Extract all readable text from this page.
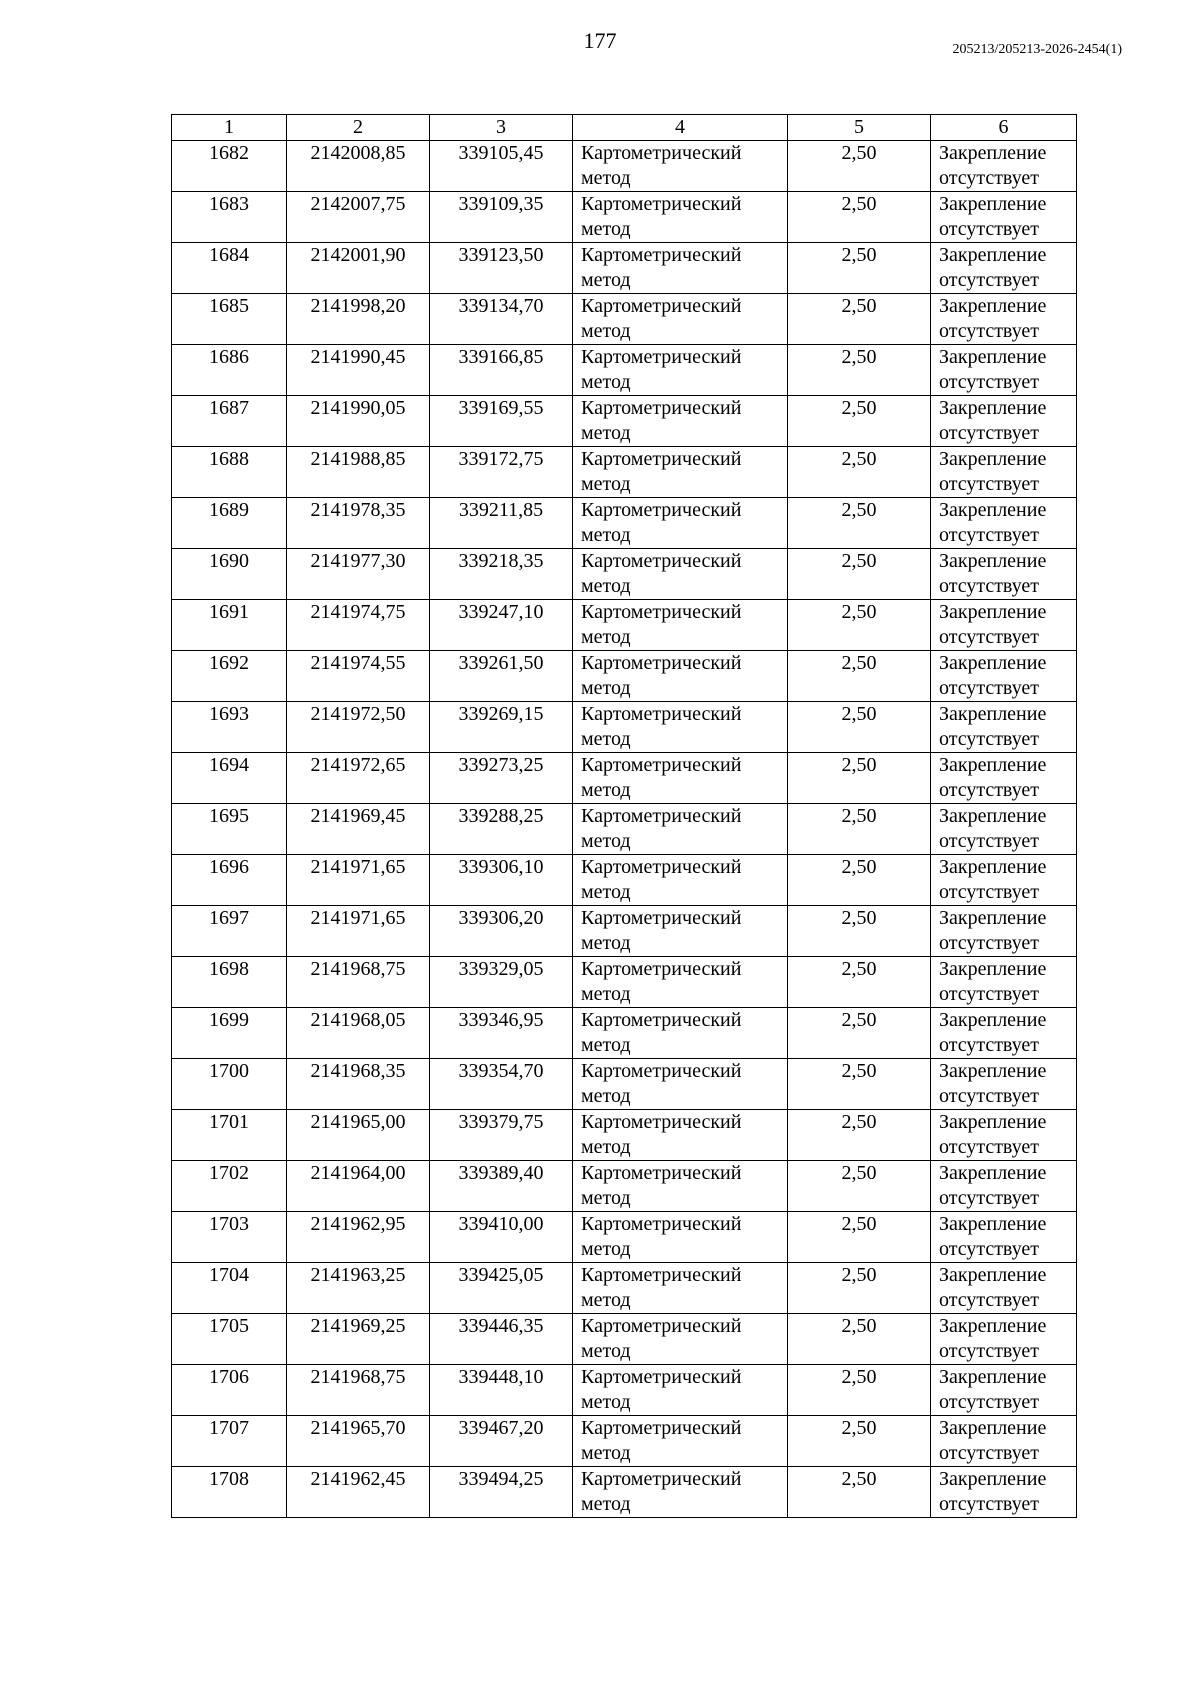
177	205213/205213-2026-2454(1)
1	2	3	4	5	6
1682	2142008,85	339105,45	Картометрический метод	2,50	Закрепление отсутствует
1683	2142007,75	339109,35	Картометрический метод	2,50	Закрепление отсутствует
1684	2142001,90	339123,50	Картометрический метод	2,50	Закрепление отсутствует
1685	2141998,20	339134,70	Картометрический метод	2,50	Закрепление отсутствует
1686	2141990,45	339166,85	Картометрический метод	2,50	Закрепление отсутствует
1687	2141990,05	339169,55	Картометрический метод	2,50	Закрепление отсутствует
1688	2141988,85	339172,75	Картометрический метод	2,50	Закрепление отсутствует
1689	2141978,35	339211,85	Картометрический метод	2,50	Закрепление отсутствует
1690	2141977,30	339218,35	Картометрический метод	2,50	Закрепление отсутствует
1691	2141974,75	339247,10	Картометрический метод	2,50	Закрепление отсутствует
1692	2141974,55	339261,50	Картометрический метод	2,50	Закрепление отсутствует
1693	2141972,50	339269,15	Картометрический метод	2,50	Закрепление отсутствует
1694	2141972,65	339273,25	Картометрический метод	2,50	Закрепление отсутствует
1695	2141969,45	339288,25	Картометрический метод	2,50	Закрепление отсутствует
1696	2141971,65	339306,10	Картометрический метод	2,50	Закрепление отсутствует
1697	2141971,65	339306,20	Картометрический метод	2,50	Закрепление отсутствует
1698	2141968,75	339329,05	Картометрический метод	2,50	Закрепление отсутствует
1699	2141968,05	339346,95	Картометрический метод	2,50	Закрепление отсутствует
1700	2141968,35	339354,70	Картометрический метод	2,50	Закрепление отсутствует
1701	2141965,00	339379,75	Картометрический метод	2,50	Закрепление отсутствует
1702	2141964,00	339389,40	Картометрический метод	2,50	Закрепление отсутствует
1703	2141962,95	339410,00	Картометрический метод	2,50	Закрепление отсутствует
1704	2141963,25	339425,05	Картометрический метод	2,50	Закрепление отсутствует
1705	2141969,25	339446,35	Картометрический метод	2,50	Закрепление отсутствует
1706	2141968,75	339448,10	Картометрический метод	2,50	Закрепление отсутствует
1707	2141965,70	339467,20	Картометрический метод	2,50	Закрепление отсутствует
1708	2141962,45	339494,25	Картометрический метод	2,50	Закрепление отсутствует
